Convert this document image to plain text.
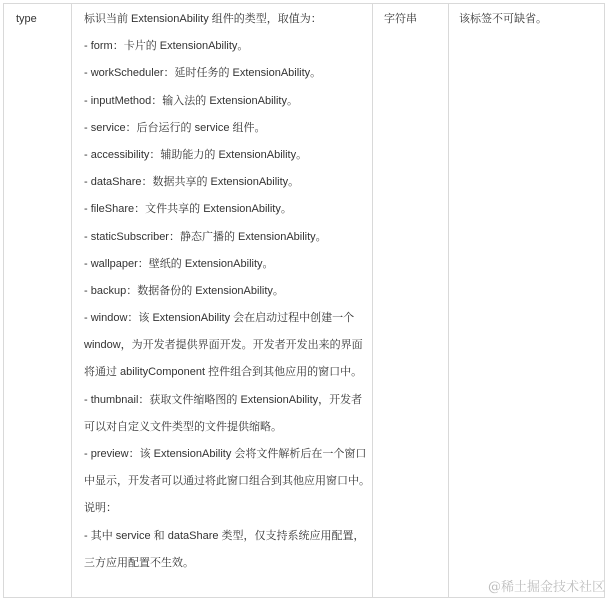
type	标识当前 ExtensionAbility 组件的类型，取值为：
- form：卡片的 ExtensionAbility。
- workScheduler：延时任务的 ExtensionAbility。
- inputMethod：输入法的 ExtensionAbility。
- service：后台运行的 service 组件。
- accessibility：辅助能力的 ExtensionAbility。
- dataShare：数据共享的 ExtensionAbility。
- fileShare：文件共享的 ExtensionAbility。
- staticSubscriber：静态广播的 ExtensionAbility。
- wallpaper：壁纸的 ExtensionAbility。
- backup：数据备份的 ExtensionAbility。
- window：该 ExtensionAbility 会在启动过程中创建一个
window，为开发者提供界面开发。开发者开发出来的界面
将通过 abilityComponent 控件组合到其他应用的窗口中。
- thumbnail：获取文件缩略图的 ExtensionAbility，开发者
可以对自定义文件类型的文件提供缩略。
- preview：该 ExtensionAbility 会将文件解析后在一个窗口
中显示，开发者可以通过将此窗口组合到其他应用窗口中。
说明：
- 其中 service 和 dataShare 类型，仅支持系统应用配置，
三方应用配置不生效。
字符串	该标签不可缺省。
@稀土掘金技术社区
